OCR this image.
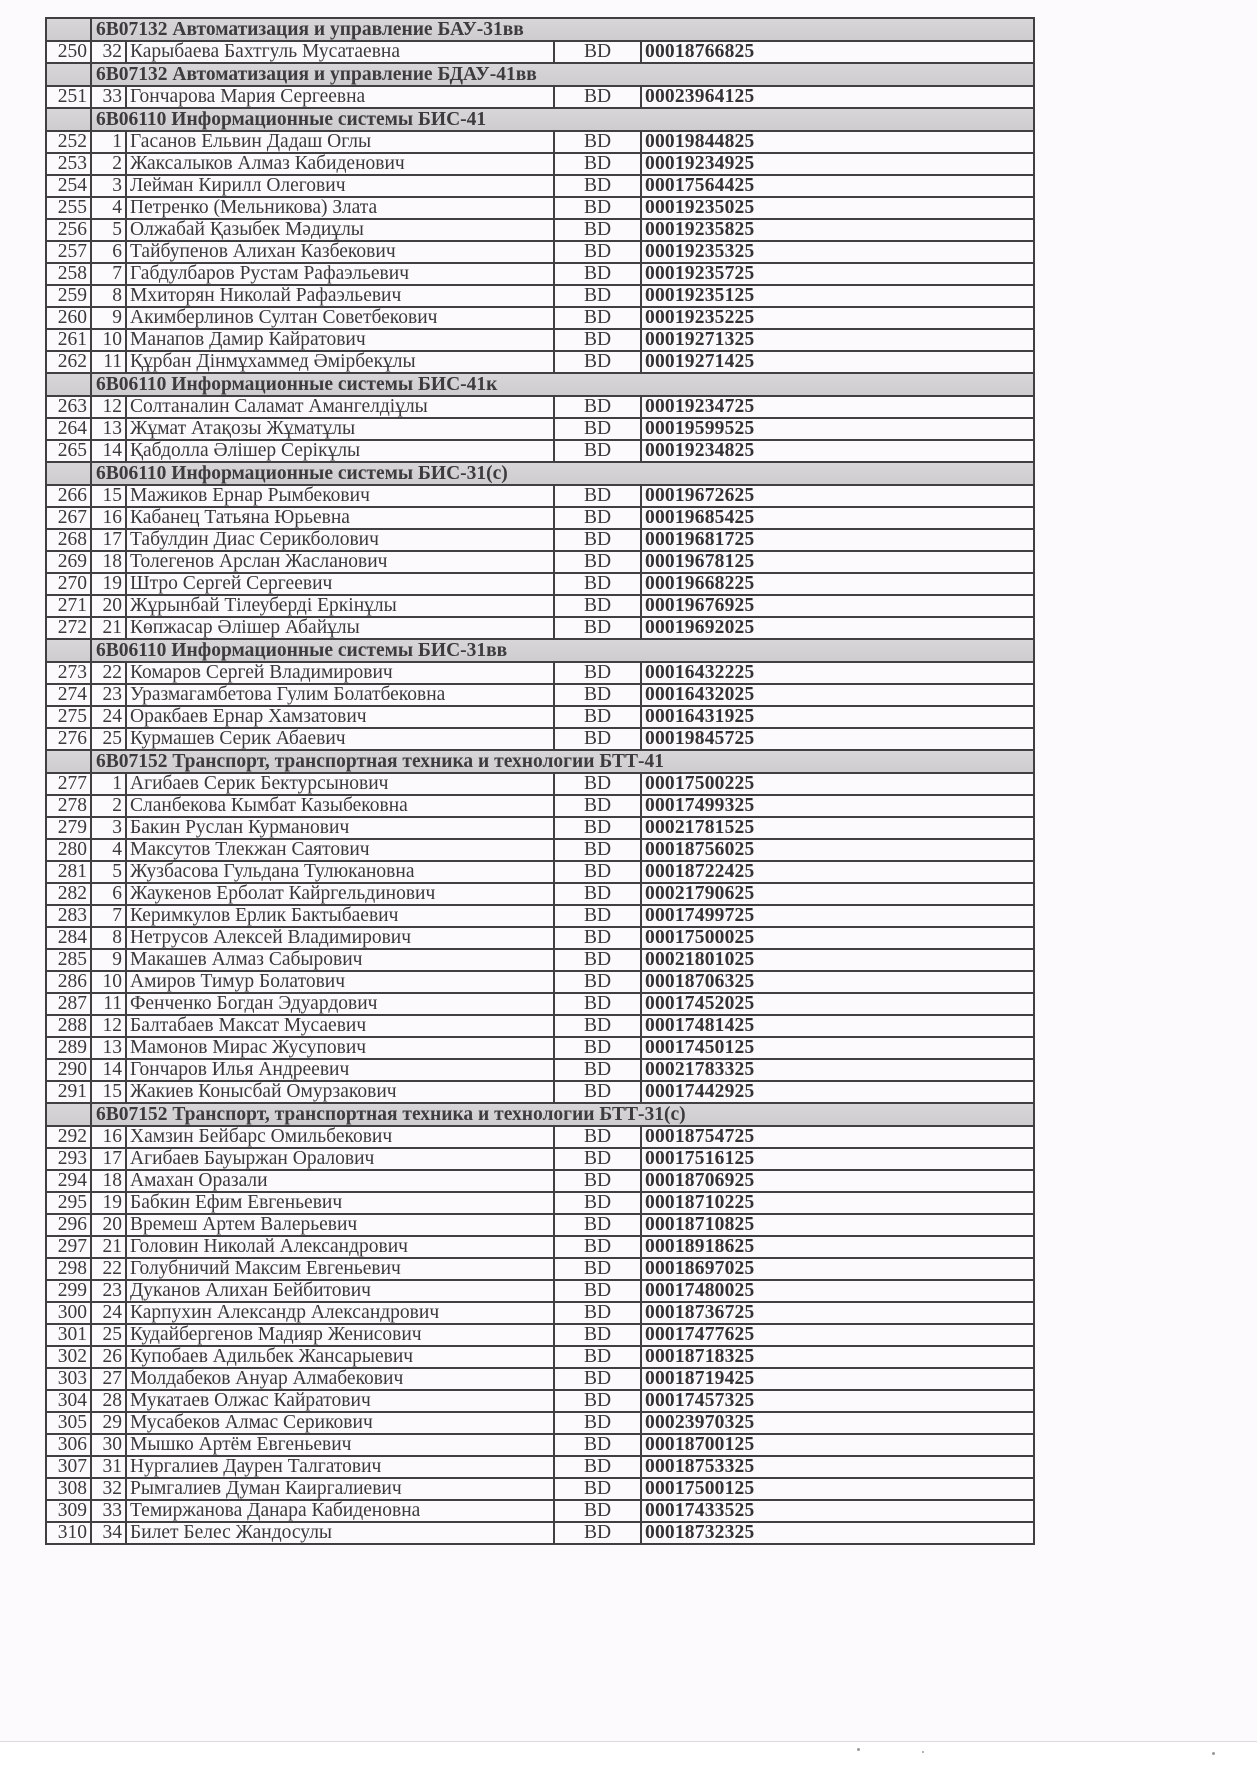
	6B07132 Автоматизация и управление БАУ-31вв			
250	32	Карыбаева Бахтгуль Мусатаевна	BD	00018766825
	6B07132 Автоматизация и управление БДАУ-41вв			
251	33	Гончарова Мария Сергеевна	BD	00023964125
	6B06110 Информационные системы БИС-41			
252	1	Гасанов Ельвин Дадаш Оглы	BD	00019844825
253	2	Жаксалыков Алмаз Кабиденович	BD	00019234925
254	3	Лейман Кирилл Олегович	BD	00017564425
255	4	Петренко (Мельникова) Злата	BD	00019235025
256	5	Олжабай Қазыбек Мәдиұлы	BD	00019235825
257	6	Тайбупенов Алихан Казбекович	BD	00019235325
258	7	Габдулбаров Рустам Рафаэльевич	BD	00019235725
259	8	Мхиторян Николай Рафаэльевич	BD	00019235125
260	9	Акимберлинов Султан Советбекович	BD	00019235225
261	10	Манапов Дамир Кайратович	BD	00019271325
262	11	Құрбан Дінмұхаммед Әмірбекұлы	BD	00019271425
	6B06110 Информационные системы БИС-41к			
263	12	Солтаналин Саламат Амангелдіұлы	BD	00019234725
264	13	Жұмат Атақозы Жұматұлы	BD	00019599525
265	14	Қабдолла Әлішер Серікұлы	BD	00019234825
	6B06110 Информационные системы БИС-31(с)			
266	15	Мажиков Ернар Рымбекович	BD	00019672625
267	16	Кабанец Татьяна Юрьевна	BD	00019685425
268	17	Табулдин Диас Серикболович	BD	00019681725
269	18	Толегенов Арслан Жасланович	BD	00019678125
270	19	Штро Сергей Сергеевич	BD	00019668225
271	20	Жұрынбай Тілеуберді Еркінұлы	BD	00019676925
272	21	Көпжасар Әлішер Абайұлы	BD	00019692025
	6B06110 Информационные системы БИС-31вв			
273	22	Комаров Сергей Владимирович	BD	00016432225
274	23	Уразмагамбетова Гулим Болатбековна	BD	00016432025
275	24	Оракбаев Ернар Хамзатович	BD	00016431925
276	25	Курмашев Серик Абаевич	BD	00019845725
	6B07152 Транспорт, транспортная техника и технологии БТТ-41			
277	1	Агибаев Серик Бектурсынович	BD	00017500225
278	2	Сланбекова Кымбат Казыбековна	BD	00017499325
279	3	Бакин Руслан Курманович	BD	00021781525
280	4	Максутов Тлекжан Саятович	BD	00018756025
281	5	Жузбасова Гульдана Тулюкановна	BD	00018722425
282	6	Жаукенов Ерболат Кайргельдинович	BD	00021790625
283	7	Керимкулов Ерлик Бактыбаевич	BD	00017499725
284	8	Нетрусов Алексей Владимирович	BD	00017500025
285	9	Макашев Алмаз Сабырович	BD	00021801025
286	10	Амиров Тимур Болатович	BD	00018706325
287	11	Фенченко Богдан Эдуардович	BD	00017452025
288	12	Балтабаев Максат Мусаевич	BD	00017481425
289	13	Мамонов Мирас Жусупович	BD	00017450125
290	14	Гончаров Илья Андреевич	BD	00021783325
291	15	Жакиев Конысбай Омурзакович	BD	00017442925
	6B07152 Транспорт, транспортная техника и технологии БТТ-31(с)			
292	16	Хамзин Бейбарс Омильбекович	BD	00018754725
293	17	Агибаев Бауыржан Оралович	BD	00017516125
294	18	Амахан Оразали	BD	00018706925
295	19	Бабкин Ефим Евгеньевич	BD	00018710225
296	20	Времеш Артем Валерьевич	BD	00018710825
297	21	Головин Николай Александрович	BD	00018918625
298	22	Голубничий Максим Евгеньевич	BD	00018697025
299	23	Дуканов Алихан Бейбитович	BD	00017480025
300	24	Карпухин Александр Александрович	BD	00018736725
301	25	Кудайбергенов Мадияр Женисович	BD	00017477625
302	26	Купобаев Адильбек Жансарыевич	BD	00018718325
303	27	Молдабеков Ануар Алмабекович	BD	00018719425
304	28	Мукатаев Олжас Кайратович	BD	00017457325
305	29	Мусабеков Алмас Серикович	BD	00023970325
306	30	Мышко Артём Евгеньевич	BD	00018700125
307	31	Нургалиев Даурен Талгатович	BD	00018753325
308	32	Рымгалиев Думан Каиргалиевич	BD	00017500125
309	33	Темиржанова Данара Кабиденовна	BD	00017433525
310	34	Билет Белес Жандосулы	BD	00018732325
